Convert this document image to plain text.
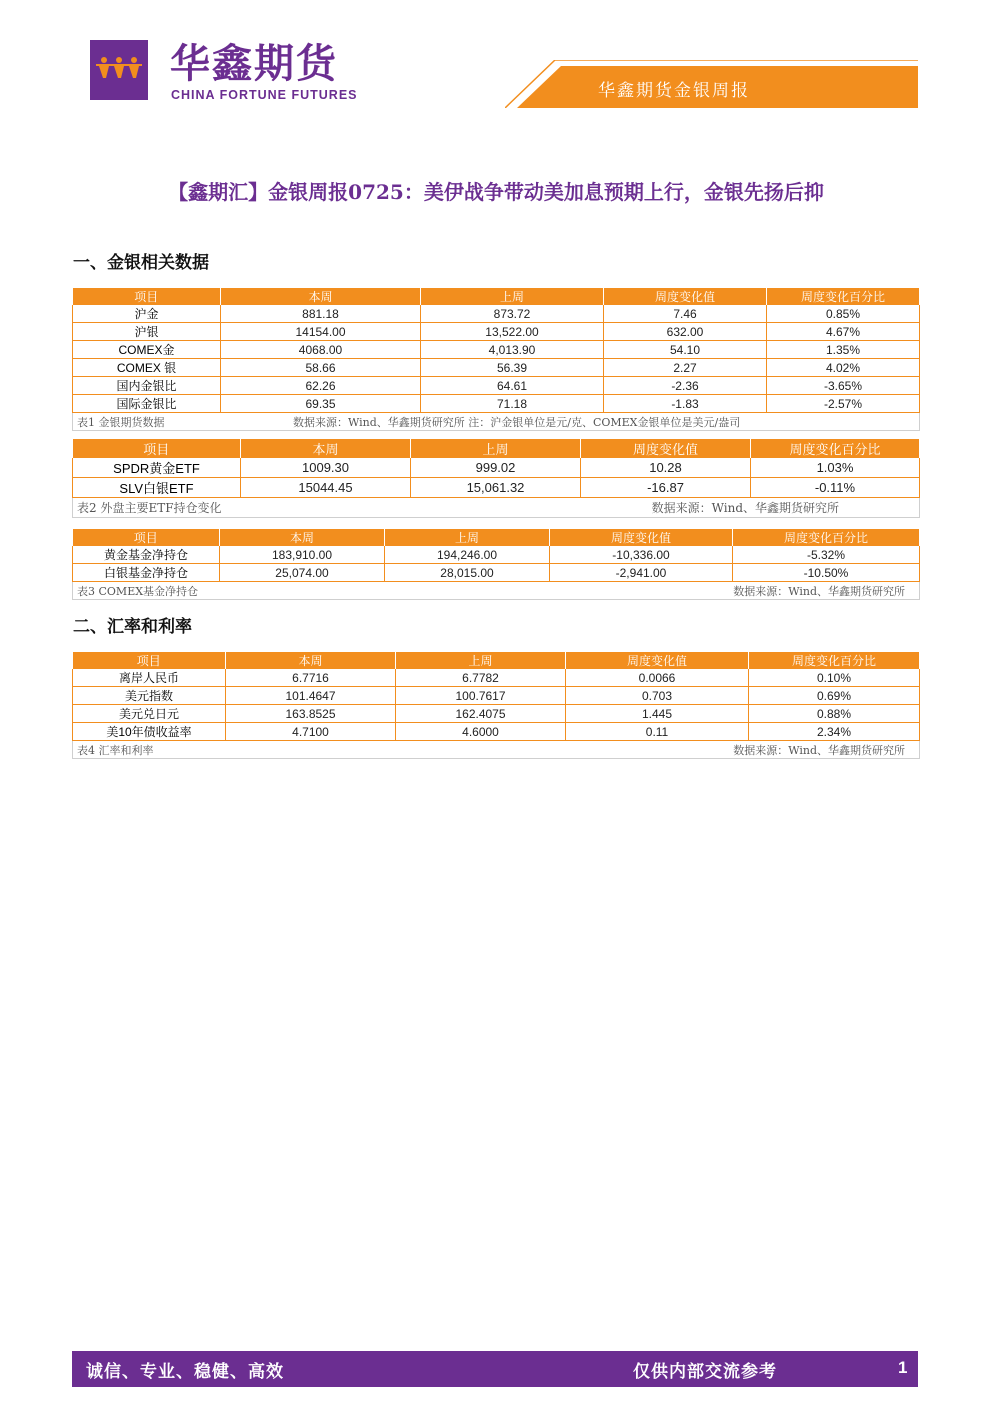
华鑫期货
CHINA FORTUNE FUTURES	华鑫期货金银周报
【鑫期汇】金银周报0725：美伊战争带动美加息预期上行，金银先扬后抑
一、金银相关数据
项目	本周	上周	周度变化值	周度变化百分比
沪金	881.18	873.72	7.46	0.85%
沪银	14154.00	13,522.00	632.00	4.67%
COMEX金	4068.00	4,013.90	54.10	1.35%
COMEX 银	58.66	56.39	2.27	4.02%
国内金银比	62.26	64.61	-2.36	-3.65%
国际金银比	69.35	71.18	-1.83	-2.57%

表1 金银期货数据 数据来源：Wind、华鑫期货研究所 注：沪金银单位是元/克、COMEX金银单位是美元/盎司				
项目	本周	上周	周度变化值	周度变化百分比
SPDR黄金ETF	1009.30	999.02	10.28	1.03%
SLV白银ETF	15044.45	15,061.32	-16.87	-0.11%

表2 外盘主要ETF持仓变化 数据来源：Wind、华鑫期货研究所				
项目	本周	上周	周度变化值	周度变化百分比
黄金基金净持仓	183,910.00	194,246.00	-10,336.00	-5.32%
白银基金净持仓	25,074.00	28,015.00	-2,941.00	-10.50%

表3 COMEX基金净持仓 数据来源：Wind、华鑫期货研究所				
二、汇率和利率
项目	本周	上周	周度变化值	周度变化百分比
离岸人民币	6.7716	6.7782	0.0066	0.10%
美元指数	101.4647	100.7617	0.703	0.69%
美元兑日元	163.8525	162.4075	1.445	0.88%
美10年债收益率	4.7100	4.6000	0.11	2.34%

表4 汇率和利率 数据来源：Wind、华鑫期货研究所				
诚信、专业、稳健、高效	仅供内部交流参考	1
